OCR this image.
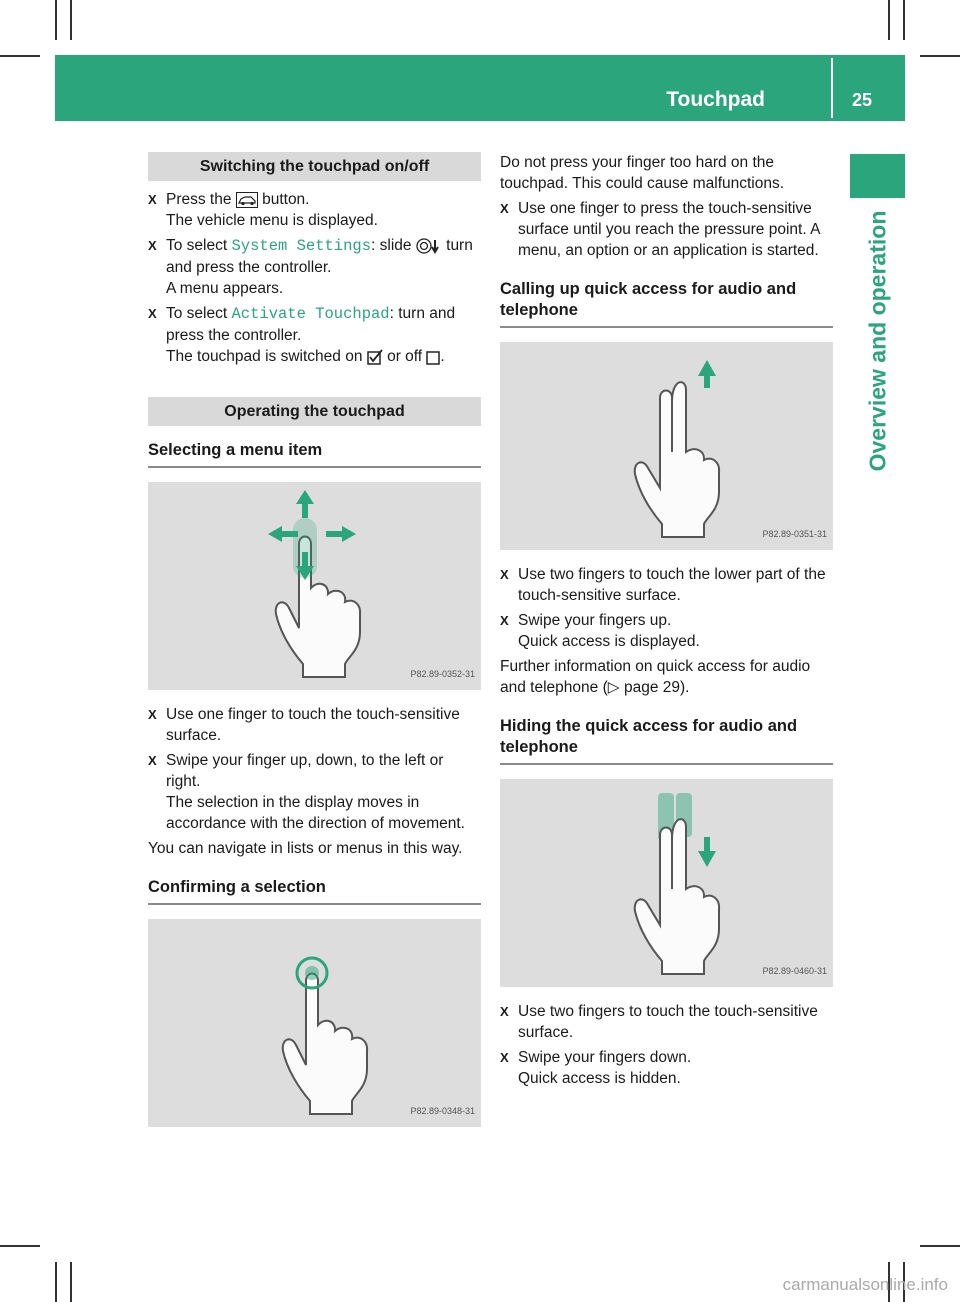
Touchpad	25
Overview and operation
Switching the touchpad on/off
X Press the  button.
The vehicle menu is displayed.
X To select System Settings: slide  turn
and press the controller.
A menu appears.
X To select Activate Touchpad: turn and
press the controller.
The touchpad is switched on  or off .
Operating the touchpad
Selecting a menu item
P82.89-0352-31
X Use one finger to touch the touch-sensitive surface.
X Swipe your finger up, down, to the left or right.
The selection in the display moves in accordance with the direction of movement.
You can navigate in lists or menus in this way.
Confirming a selection
P82.89-0348-31
Do not press your finger too hard on the touchpad. This could cause malfunctions.
X Use one finger to press the touch-sensitive surface until you reach the pressure point. A menu, an option or an application is started.
Calling up quick access for audio and telephone
P82.89-0351-31
X Use two fingers to touch the lower part of the touch-sensitive surface.
X Swipe your fingers up.
Quick access is displayed.
Further information on quick access for audio and telephone (▷ page 29).
Hiding the quick access for audio and telephone
P82.89-0460-31
X Use two fingers to touch the touch-sensitive surface.
X Swipe your fingers down.
Quick access is hidden.
carmanualsonline.info
